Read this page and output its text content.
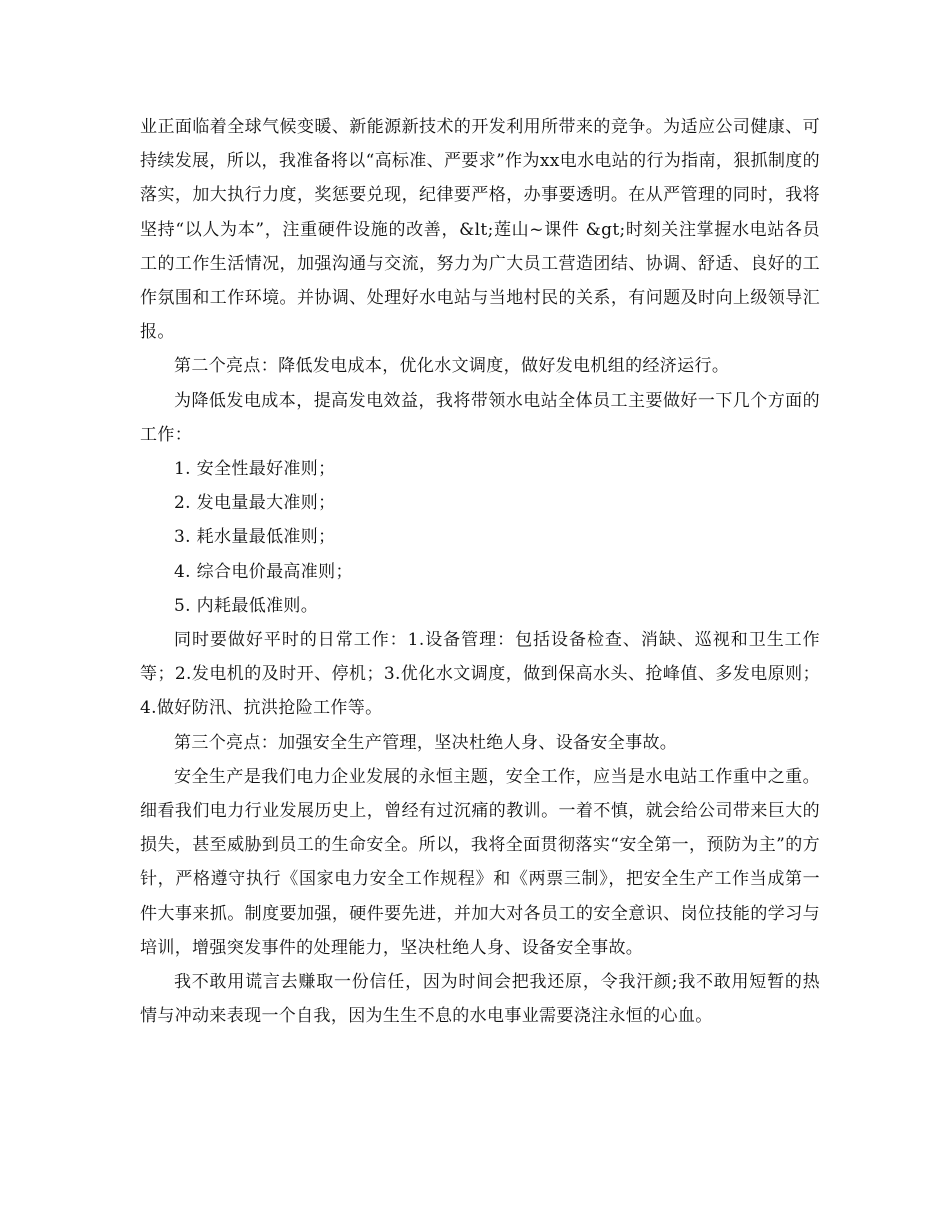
业正面临着全球气候变暖、新能源新技术的开发利用所带来的竞争。为适应公司健康、可持续发展，所以，我准备将以“高标准、严要求”作为xx电水电站的行为指南，狠抓制度的落实，加大执行力度，奖惩要兑现，纪律要严格，办事要透明。在从严管理的同时，我将坚持“以人为本”，注重硬件设施的改善，&lt;莲山~课件 &gt;时刻关注掌握水电站各员工的工作生活情况，加强沟通与交流，努力为广大员工营造团结、协调、舒适、良好的工作氛围和工作环境。并协调、处理好水电站与当地村民的关系，有问题及时向上级领导汇报。

第二个亮点：降低发电成本，优化水文调度，做好发电机组的经济运行。

为降低发电成本，提高发电效益，我将带领水电站全体员工主要做好一下几个方面的工作：

1. 安全性最好准则；

2. 发电量最大准则；

3. 耗水量最低准则；

4. 综合电价最高准则；

5. 内耗最低准则。

同时要做好平时的日常工作：1.设备管理：包括设备检查、消缺、巡视和卫生工作等；2.发电机的及时开、停机；3.优化水文调度，做到保高水头、抢峰值、多发电原则；4.做好防汛、抗洪抢险工作等。

第三个亮点：加强安全生产管理，坚决杜绝人身、设备安全事故。

安全生产是我们电力企业发展的永恒主题，安全工作，应当是水电站工作重中之重。细看我们电力行业发展历史上，曾经有过沉痛的教训。一着不慎，就会给公司带来巨大的损失，甚至威胁到员工的生命安全。所以，我将全面贯彻落实“安全第一，预防为主”的方针，严格遵守执行《国家电力安全工作规程》和《两票三制》，把安全生产工作当成第一件大事来抓。制度要加强，硬件要先进，并加大对各员工的安全意识、岗位技能的学习与培训，增强突发事件的处理能力，坚决杜绝人身、设备安全事故。

我不敢用谎言去赚取一份信任，因为时间会把我还原，令我汗颜;我不敢用短暂的热情与冲动来表现一个自我，因为生生不息的水电事业需要浇注永恒的心血。
